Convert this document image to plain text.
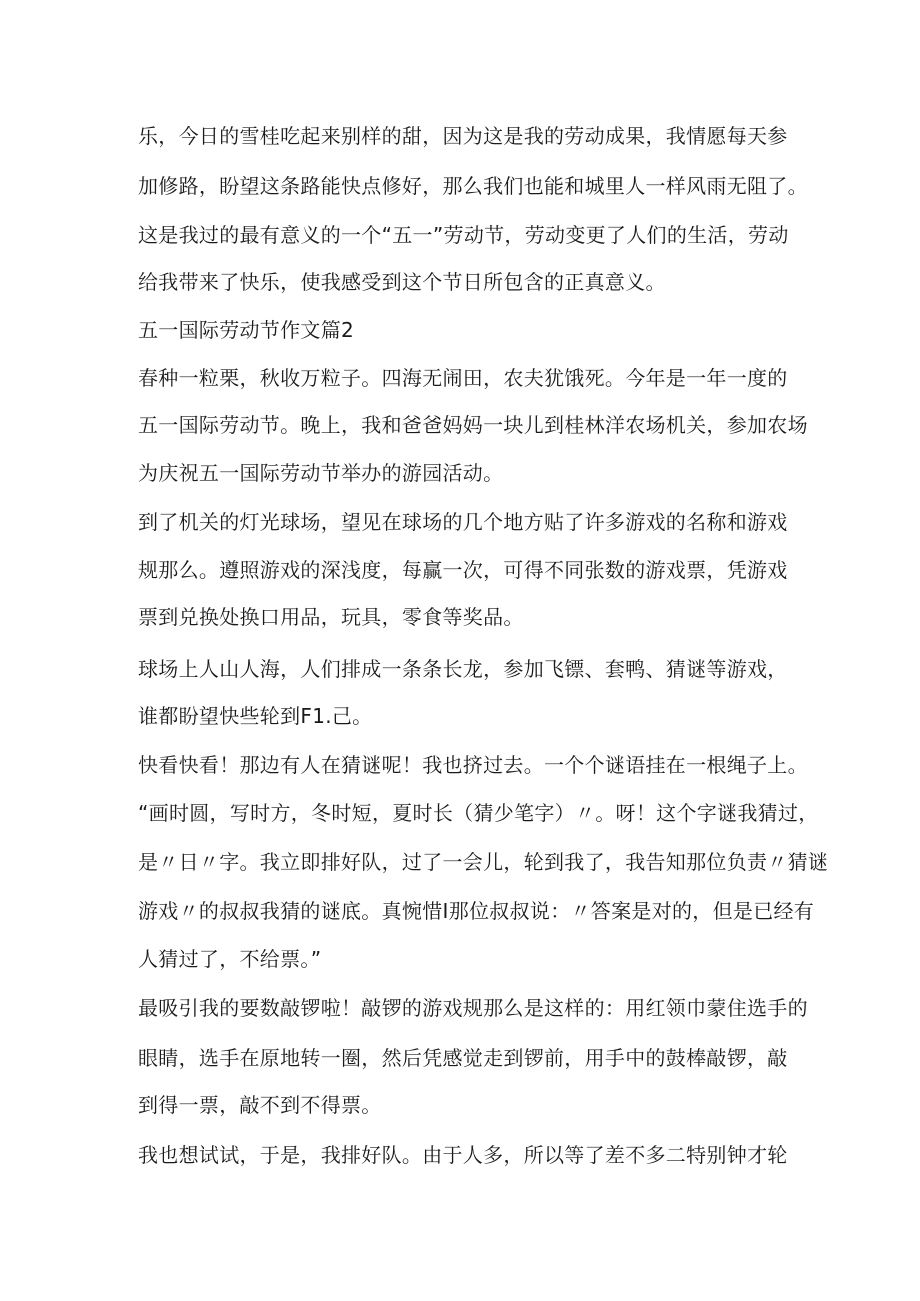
乐，今日的雪桂吃起来别样的甜，因为这是我的劳动成果，我情愿每天参
加修路，盼望这条路能快点修好，那么我们也能和城里人一样风雨无阻了。
这是我过的最有意义的一个“五一”劳动节，劳动变更了人们的生活，劳动
给我带来了快乐，使我感受到这个节日所包含的正真意义。
五一国际劳动节作文篇2
春种一粒栗，秋收万粒子。四海无闹田，农夫犹饿死。今年是一年一度的
五一国际劳动节。晚上，我和爸爸妈妈一块儿到桂林洋农场机关，参加农场
为庆祝五一国际劳动节举办的游园活动。
到了机关的灯光球场，望见在球场的几个地方贴了许多游戏的名称和游戏
规那么。遵照游戏的深浅度，每赢一次，可得不同张数的游戏票，凭游戏
票到兑换处换口用品，玩具，零食等奖品。
球场上人山人海，人们排成一条条长龙，参加飞镖、套鸭、猜谜等游戏，
谁都盼望快些轮到F1.己。
快看快看！那边有人在猜谜呢！我也挤过去。一个个谜语挂在一根绳子上。
“画时圆，写时方，冬时短，夏时长（猜少笔字）〃。呀！这个字谜我猜过，
是〃日〃字。我立即排好队，过了一会儿，轮到我了，我告知那位负责〃猜谜
游戏〃的叔叔我猜的谜底。真惋惜I那位叔叔说：〃答案是对的，但是已经有
人猜过了，不给票。”
最吸引我的要数敲锣啦！敲锣的游戏规那么是这样的：用红领巾蒙住选手的
眼睛，选手在原地转一圈，然后凭感觉走到锣前，用手中的鼓棒敲锣，敲
到得一票，敲不到不得票。
我也想试试，于是，我排好队。由于人多，所以等了差不多二特别钟才轮
